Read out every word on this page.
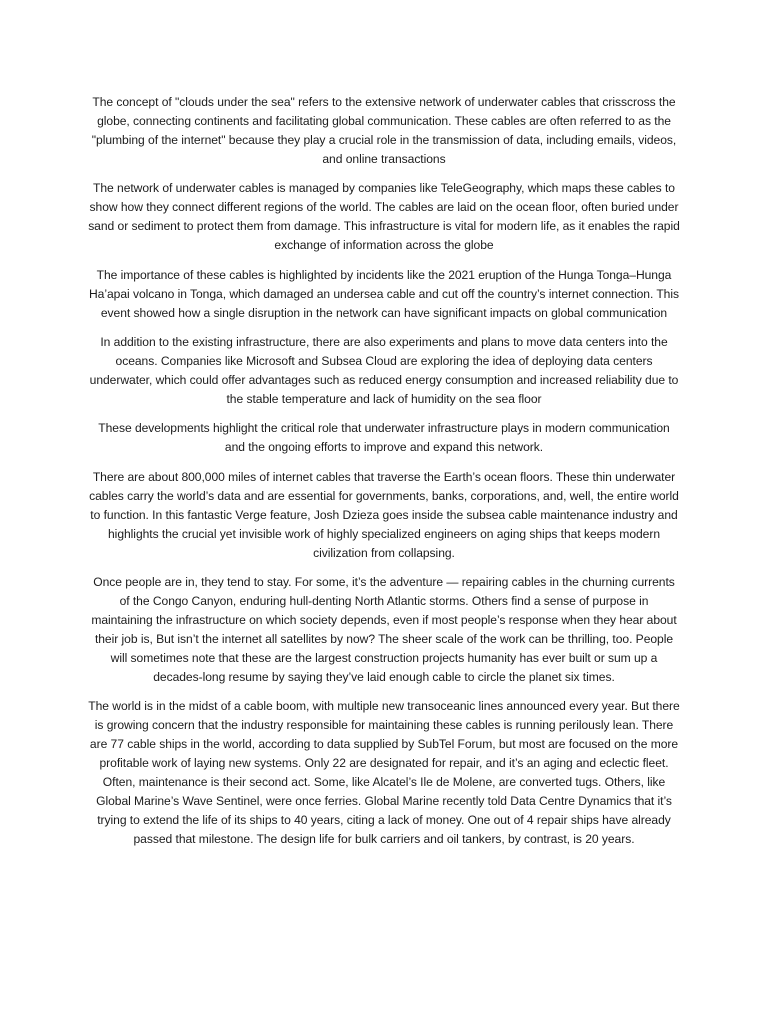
The concept of "clouds under the sea" refers to the extensive network of underwater cables that crisscross the globe, connecting continents and facilitating global communication. These cables are often referred to as the "plumbing of the internet" because they play a crucial role in the transmission of data, including emails, videos, and online transactions

The network of underwater cables is managed by companies like TeleGeography, which maps these cables to show how they connect different regions of the world. The cables are laid on the ocean floor, often buried under sand or sediment to protect them from damage. This infrastructure is vital for modern life, as it enables the rapid exchange of information across the globe

The importance of these cables is highlighted by incidents like the 2021 eruption of the Hunga Tonga–Hunga Ha’apai volcano in Tonga, which damaged an undersea cable and cut off the country’s internet connection. This event showed how a single disruption in the network can have significant impacts on global communication

In addition to the existing infrastructure, there are also experiments and plans to move data centers into the oceans. Companies like Microsoft and Subsea Cloud are exploring the idea of deploying data centers underwater, which could offer advantages such as reduced energy consumption and increased reliability due to the stable temperature and lack of humidity on the sea floor

These developments highlight the critical role that underwater infrastructure plays in modern communication and the ongoing efforts to improve and expand this network.

There are about 800,000 miles of internet cables that traverse the Earth’s ocean floors. These thin underwater cables carry the world’s data and are essential for governments, banks, corporations, and, well, the entire world to function. In this fantastic Verge feature, Josh Dzieza goes inside the subsea cable maintenance industry and highlights the crucial yet invisible work of highly specialized engineers on aging ships that keeps modern civilization from collapsing.

Once people are in, they tend to stay. For some, it’s the adventure — repairing cables in the churning currents of the Congo Canyon, enduring hull-denting North Atlantic storms. Others find a sense of purpose in maintaining the infrastructure on which society depends, even if most people’s response when they hear about their job is, But isn’t the internet all satellites by now? The sheer scale of the work can be thrilling, too. People will sometimes note that these are the largest construction projects humanity has ever built or sum up a decades-long resume by saying they’ve laid enough cable to circle the planet six times.

The world is in the midst of a cable boom, with multiple new transoceanic lines announced every year. But there is growing concern that the industry responsible for maintaining these cables is running perilously lean. There are 77 cable ships in the world, according to data supplied by SubTel Forum, but most are focused on the more profitable work of laying new systems. Only 22 are designated for repair, and it’s an aging and eclectic fleet. Often, maintenance is their second act. Some, like Alcatel’s Ile de Molene, are converted tugs. Others, like Global Marine’s Wave Sentinel, were once ferries. Global Marine recently told Data Centre Dynamics that it’s trying to extend the life of its ships to 40 years, citing a lack of money. One out of 4 repair ships have already passed that milestone. The design life for bulk carriers and oil tankers, by contrast, is 20 years.
